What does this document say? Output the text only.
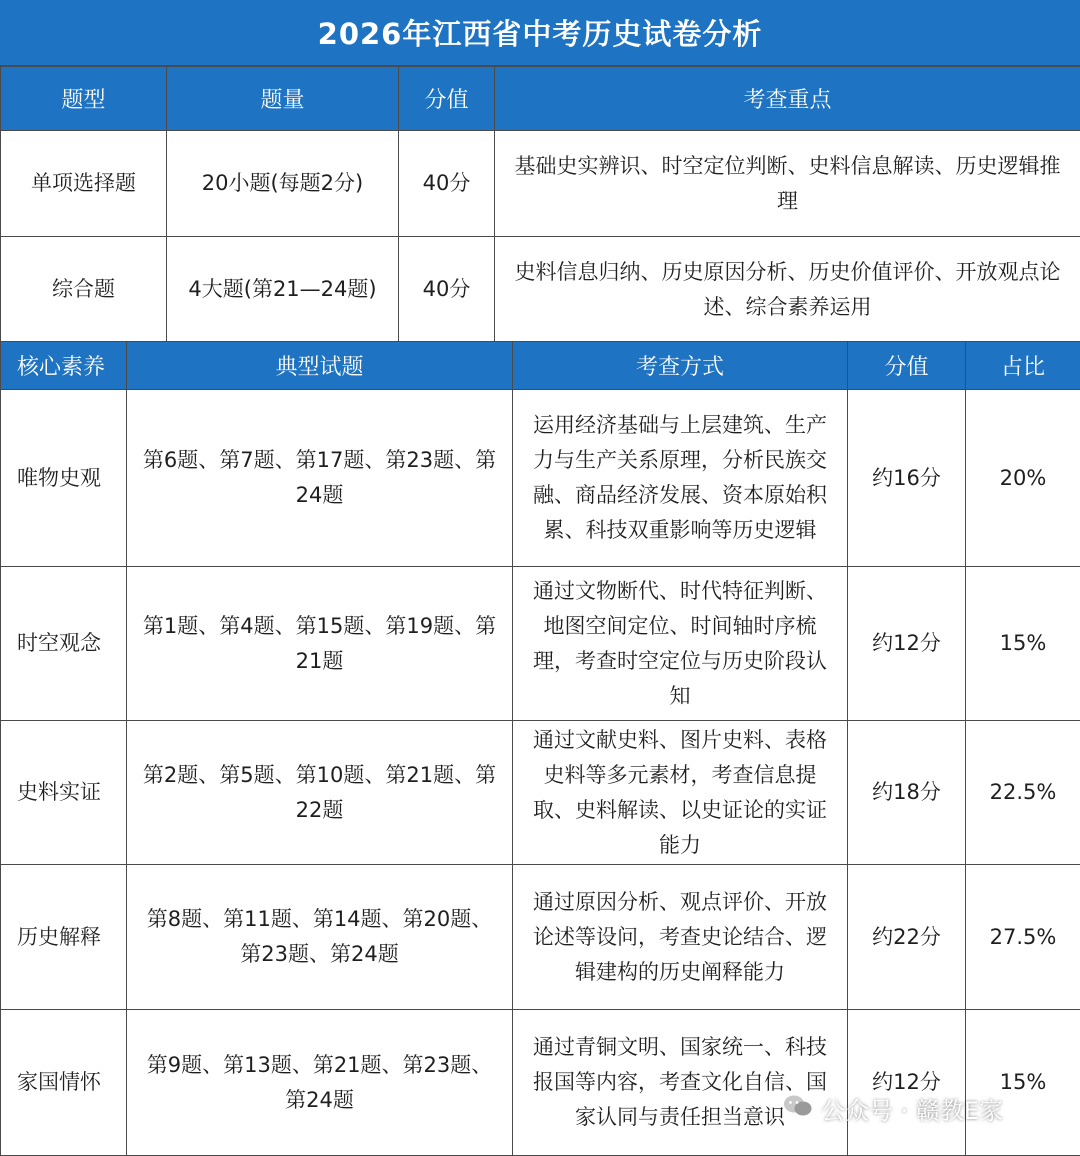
2026年江西省中考历史试卷分析
题型	题量	分值	考查重点
单项选择题	20小题(每题2分)	40分	基础史实辨识、时空定位判断、史料信息解读、历史逻辑推理
综合题	4大题(第21—24题)	40分	史料信息归纳、历史原因分析、历史价值评价、开放观点论述、综合素养运用
核心素养	典型试题	考查方式	分值	占比
唯物史观	第6题、第7题、第17题、第23题、第24题	运用经济基础与上层建筑、生产力与生产关系原理，分析民族交融、商品经济发展、资本原始积累、科技双重影响等历史逻辑	约16分	20%
时空观念	第1题、第4题、第15题、第19题、第21题	通过文物断代、时代特征判断、地图空间定位、时间轴时序梳理，考查时空定位与历史阶段认知	约12分	15%
史料实证	第2题、第5题、第10题、第21题、第22题	通过文献史料、图片史料、表格史料等多元素材，考查信息提取、史料解读、以史证论的实证能力	约18分	22.5%
历史解释	第8题、第11题、第14题、第20题、第23题、第24题	通过原因分析、观点评价、开放论述等设问，考查史论结合、逻辑建构的历史阐释能力	约22分	27.5%
家国情怀	第9题、第13题、第21题、第23题、第24题	通过青铜文明、国家统一、科技报国等内容，考查文化自信、国家认同与责任担当意识	约12分	15%
公众号 · 赣教E家
